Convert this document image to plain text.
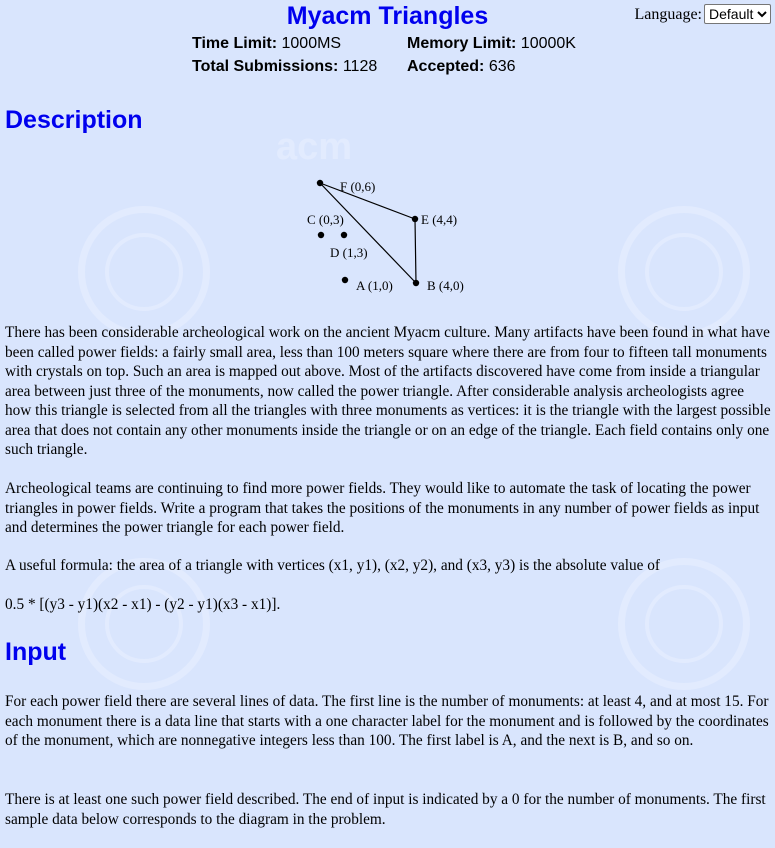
acm
Language:
Default
Myacm Triangles
Time Limit: 1000MS	Memory Limit: 10000K
Total Submissions: 1128 Accepted: 636
Description
F (0,6)
E (4,4)
C (0,3)
D (1,3)
A (1,0)	B (4,0)

There has been considerable archeological work on the ancient Myacm culture. Many artifacts have been found in what have been called power fields: a fairly small area, less than 100 meters square where there are from four to fifteen tall monuments with crystals on top. Such an area is mapped out above. Most of the artifacts discovered have come from inside a triangular area between just three of the monuments, now called the power triangle. After considerable analysis archeologists agree how this triangle is selected from all the triangles with three monuments as vertices: it is the triangle with the largest possible area that does not contain any other monuments inside the triangle or on an edge of the triangle. Each field contains only one such triangle.

Archeological teams are continuing to find more power fields. They would like to automate the task of locating the power triangles in power fields. Write a program that takes the positions of the monuments in any number of power fields as input and determines the power triangle for each power field.

A useful formula: the area of a triangle with vertices (x1, y1), (x2, y2), and (x3, y3) is the absolute value of

0.5 * [(y3 - y1)(x2 - x1) - (y2 - y1)(x3 - x1)].

Input

For each power field there are several lines of data. The first line is the number of monuments: at least 4, and at most 15. For each monument there is a data line that starts with a one character label for the monument and is followed by the coordinates of the monument, which are nonnegative integers less than 100. The first label is A, and the next is B, and so on.

There is at least one such power field described. The end of input is indicated by a 0 for the number of monuments. The first sample data below corresponds to the diagram in the problem.
